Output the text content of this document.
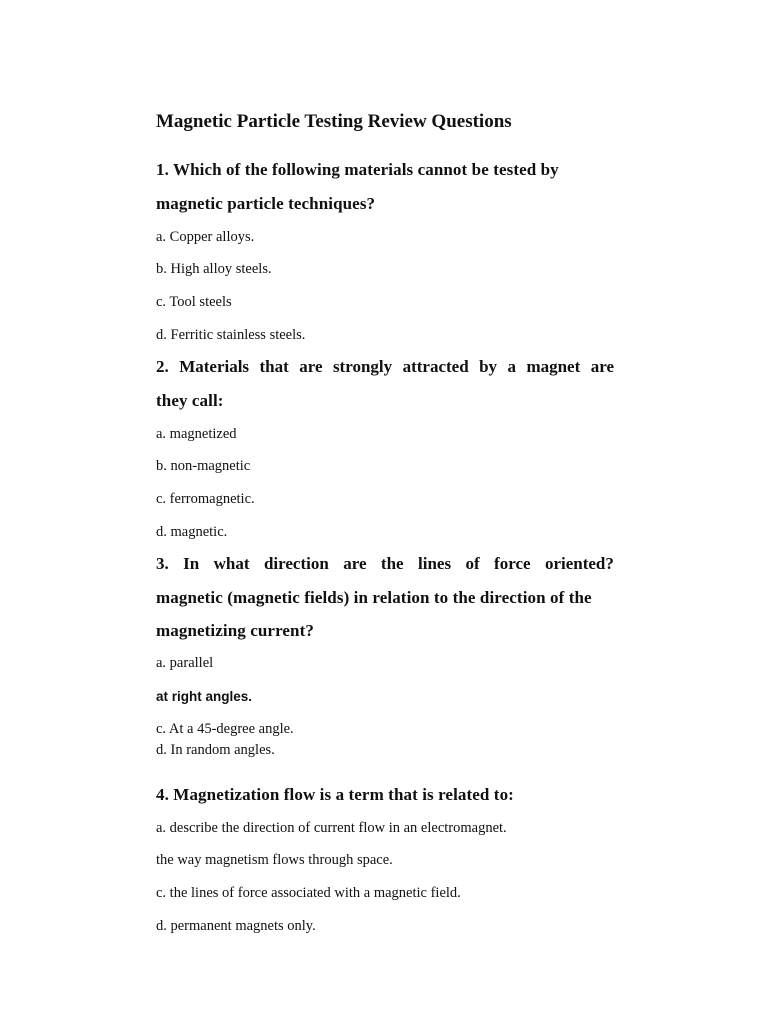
Magnetic Particle Testing Review Questions
1. Which of the following materials cannot be tested by
magnetic particle techniques?
a. Copper alloys.
b. High alloy steels.
c. Tool steels
d. Ferritic stainless steels.
2. Materials that are strongly attracted by a magnet are
they call:
a. magnetized
b. non-magnetic
c. ferromagnetic.
d. magnetic.
3. In what direction are the lines of force oriented?
magnetic (magnetic fields) in relation to the direction of the
magnetizing current?
a. parallel
at right angles.
c. At a 45-degree angle.
d. In random angles.
4. Magnetization flow is a term that is related to:
a. describe the direction of current flow in an electromagnet.
the way magnetism flows through space.
c. the lines of force associated with a magnetic field.
d. permanent magnets only.
